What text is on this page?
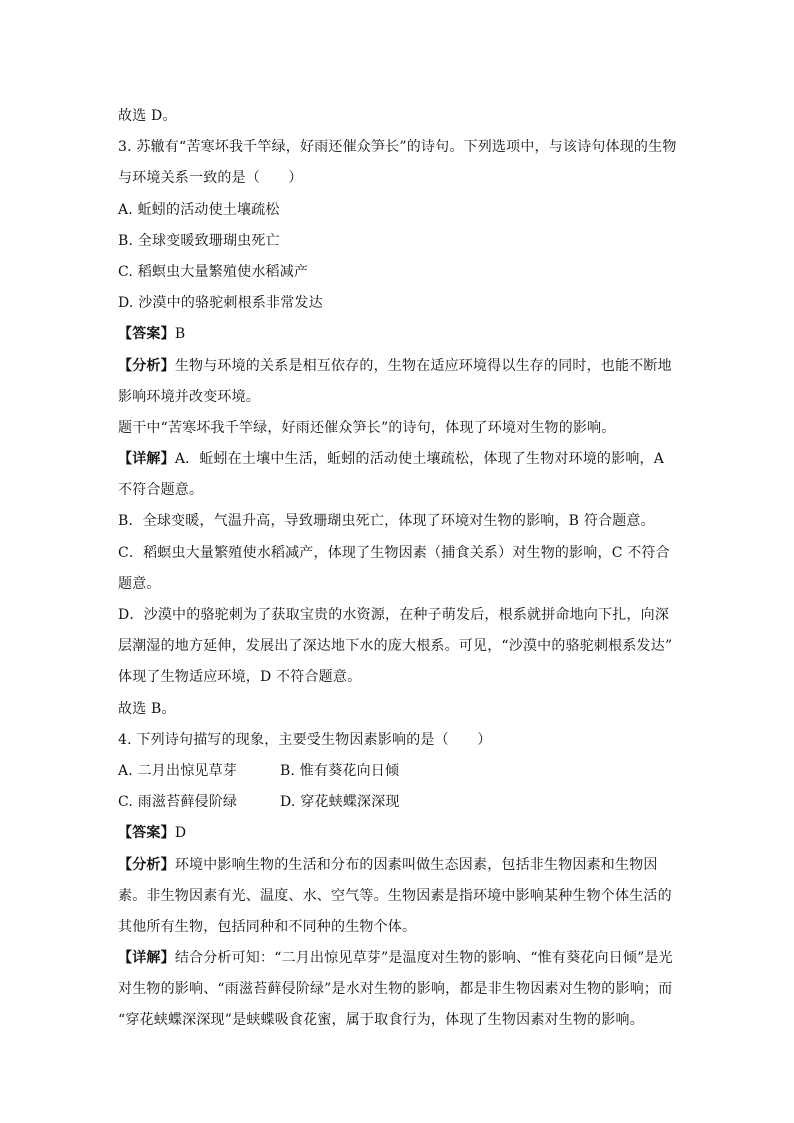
故选 D。
3. 苏辙有“苦寒坏我千竿绿，好雨还催众笋长”的诗句。下列选项中，与该诗句体现的生物
与环境关系一致的是（　　）
A. 蚯蚓的活动使土壤疏松
B. 全球变暖致珊瑚虫死亡
C. 稻螟虫大量繁殖使水稻减产
D. 沙漠中的骆驼刺根系非常发达
【答案】B
【分析】生物与环境的关系是相互依存的，生物在适应环境得以生存的同时，也能不断地
影响环境并改变环境。
题干中“苦寒坏我千竿绿，好雨还催众笋长”的诗句，体现了环境对生物的影响。
【详解】A．蚯蚓在土壤中生活，蚯蚓的活动使土壤疏松，体现了生物对环境的影响，A
不符合题意。
B．全球变暖，气温升高，导致珊瑚虫死亡，体现了环境对生物的影响，B 符合题意。
C．稻螟虫大量繁殖使水稻减产，体现了生物因素（捕食关系）对生物的影响，C 不符合
题意。
D．沙漠中的骆驼刺为了获取宝贵的水资源，在种子萌发后，根系就拼命地向下扎，向深
层潮湿的地方延伸，发展出了深达地下水的庞大根系。可见，“沙漠中的骆驼刺根系发达”
体现了生物适应环境，D 不符合题意。
故选 B。
4. 下列诗句描写的现象，主要受生物因素影响的是（　　）
A. 二月出惊见草芽	B. 惟有葵花向日倾
C. 雨滋苔藓侵阶绿	D. 穿花蛱蝶深深现
【答案】D
【分析】环境中影响生物的生活和分布的因素叫做生态因素，包括非生物因素和生物因
素。非生物因素有光、温度、水、空气等。生物因素是指环境中影响某种生物个体生活的
其他所有生物，包括同种和不同种的生物个体。
【详解】结合分析可知：“二月出惊见草芽”是温度对生物的影响、“惟有葵花向日倾”是光
对生物的影响、“雨滋苔藓侵阶绿”是水对生物的影响，都是非生物因素对生物的影响；而
“穿花蛱蝶深深现”是蛱蝶吸食花蜜，属于取食行为，体现了生物因素对生物的影响。
